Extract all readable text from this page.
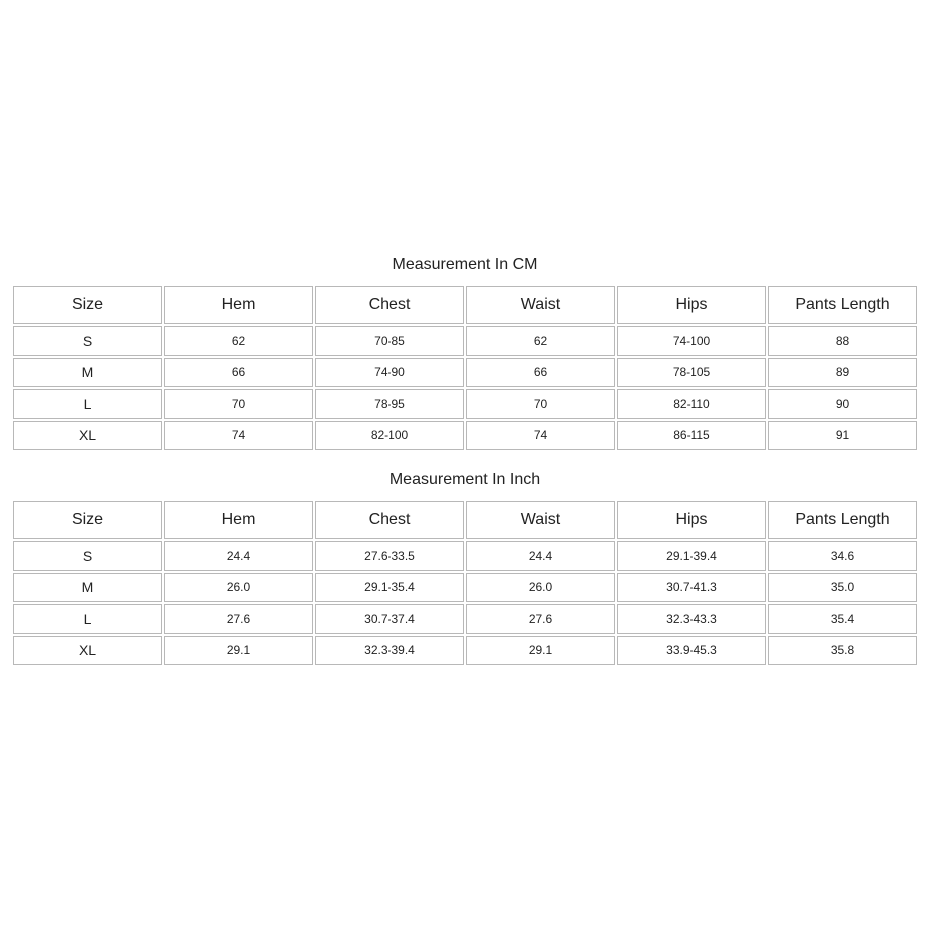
Measurement In CM
Size	Hem	Chest	Waist	Hips	Pants Length
S	62	70-85	62	74-100	88
M	66	74-90	66	78-105	89
L	70	78-95	70	82-110	90
XL	74	82-100	74	86-115	91
Measurement In Inch
Size	Hem	Chest	Waist	Hips	Pants Length
S	24.4	27.6-33.5	24.4	29.1-39.4	34.6
M	26.0	29.1-35.4	26.0	30.7-41.3	35.0
L	27.6	30.7-37.4	27.6	32.3-43.3	35.4
XL	29.1	32.3-39.4	29.1	33.9-45.3	35.8
